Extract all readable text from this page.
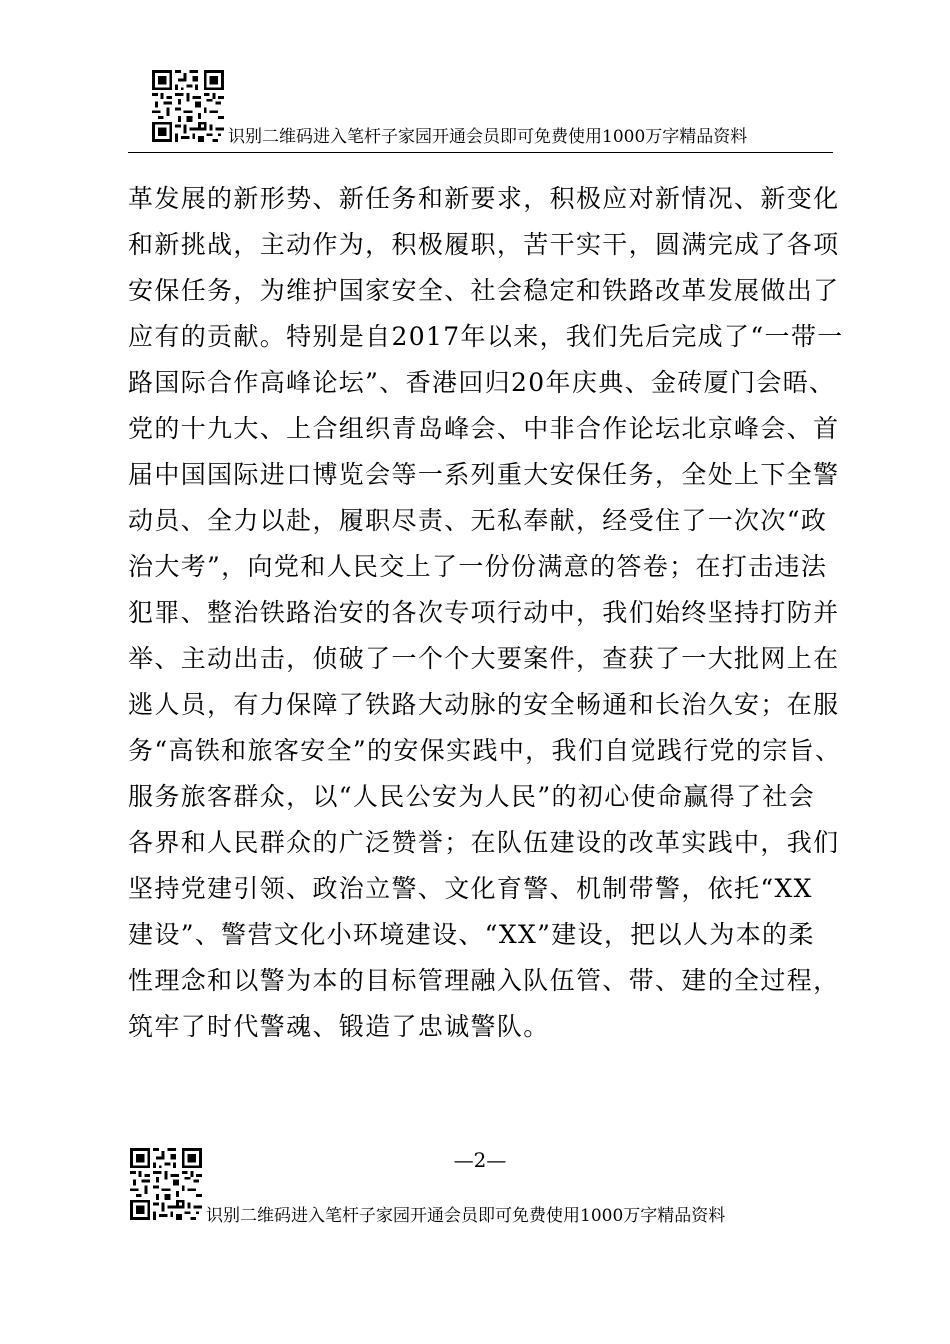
识别二维码进入笔杆子家园开通会员即可免费使用1000万字精品资料
革发展的新形势、新任务和新要求，积极应对新情况、新变化
和新挑战，主动作为，积极履职，苦干实干，圆满完成了各项
安保任务，为维护国家安全、社会稳定和铁路改革发展做出了
应有的贡献。特别是自2017年以来，我们先后完成了“一带一
路国际合作高峰论坛”、香港回归20年庆典、金砖厦门会晤、
党的十九大、上合组织青岛峰会、中非合作论坛北京峰会、首
届中国国际进口博览会等一系列重大安保任务，全处上下全警
动员、全力以赴，履职尽责、无私奉献，经受住了一次次“政
治大考”，向党和人民交上了一份份满意的答卷；在打击违法
犯罪、整治铁路治安的各次专项行动中，我们始终坚持打防并
举、主动出击，侦破了一个个大要案件，查获了一大批网上在
逃人员，有力保障了铁路大动脉的安全畅通和长治久安；在服
务“高铁和旅客安全”的安保实践中，我们自觉践行党的宗旨、
服务旅客群众，以“人民公安为人民”的初心使命赢得了社会
各界和人民群众的广泛赞誉；在队伍建设的改革实践中，我们
坚持党建引领、政治立警、文化育警、机制带警，依托“XX
建设”、警营文化小环境建设、“XX”建设，把以人为本的柔
性理念和以警为本的目标管理融入队伍管、带、建的全过程，
筑牢了时代警魂、锻造了忠诚警队。
—2—
识别二维码进入笔杆子家园开通会员即可免费使用1000万字精品资料
